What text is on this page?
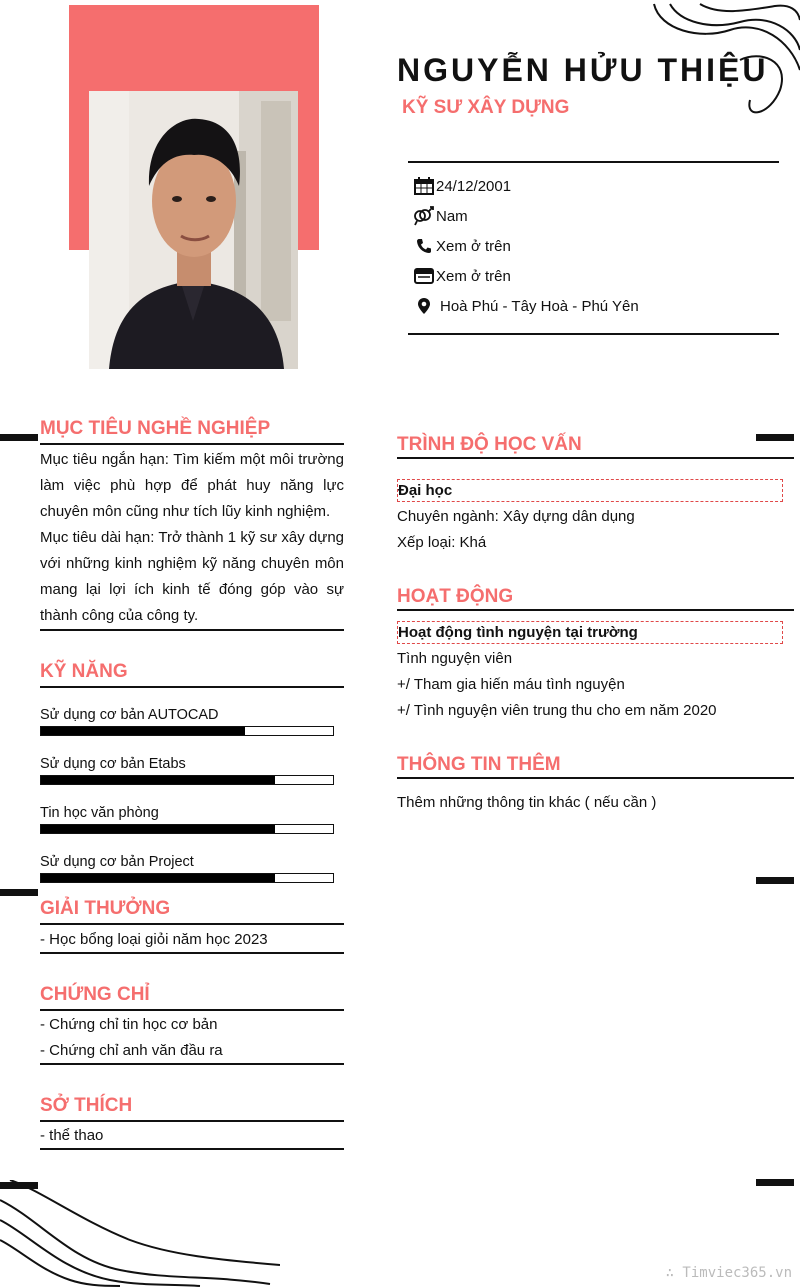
NGUYỄN HỬU THIỆU
KỸ SƯ XÂY DỰNG
24/12/2001
Nam
Xem ở trên
Xem ở trên
Hoà Phú - Tây Hoà - Phú Yên
MỤC TIÊU NGHỀ NGHIỆP
Mục tiêu ngắn hạn: Tìm kiếm một môi trường làm việc phù hợp để phát huy năng lực chuyên môn cũng như tích lũy kinh nghiệm.
Mục tiêu dài hạn: Trở thành 1 kỹ sư xây dựng với những kinh nghiệm kỹ năng chuyên môn mang lại lợi ích kinh tế đóng góp vào sự thành công của công ty.
KỸ NĂNG
Sử dụng cơ bản AUTOCAD
Sử dụng cơ bản Etabs
Tin học văn phòng
Sử dụng cơ bản Project
GIẢI THƯỞNG
- Học bổng loại giỏi năm học 2023
CHỨNG CHỈ
- Chứng chỉ tin học cơ bản
- Chứng chỉ anh văn đầu ra
SỞ THÍCH
- thể thao
TRÌNH ĐỘ HỌC VẤN
Đại học
Chuyên ngành: Xây dựng dân dụng
Xếp loại: Khá
HOẠT ĐỘNG
Hoạt động tình nguyện tại trường
Tình nguyện viên
+/ Tham gia hiến máu tình nguyện
+/ Tình nguyện viên trung thu cho em năm 2020
THÔNG TIN THÊM
Thêm những thông tin khác ( nếu cần )
∴ Timviec365.vn
